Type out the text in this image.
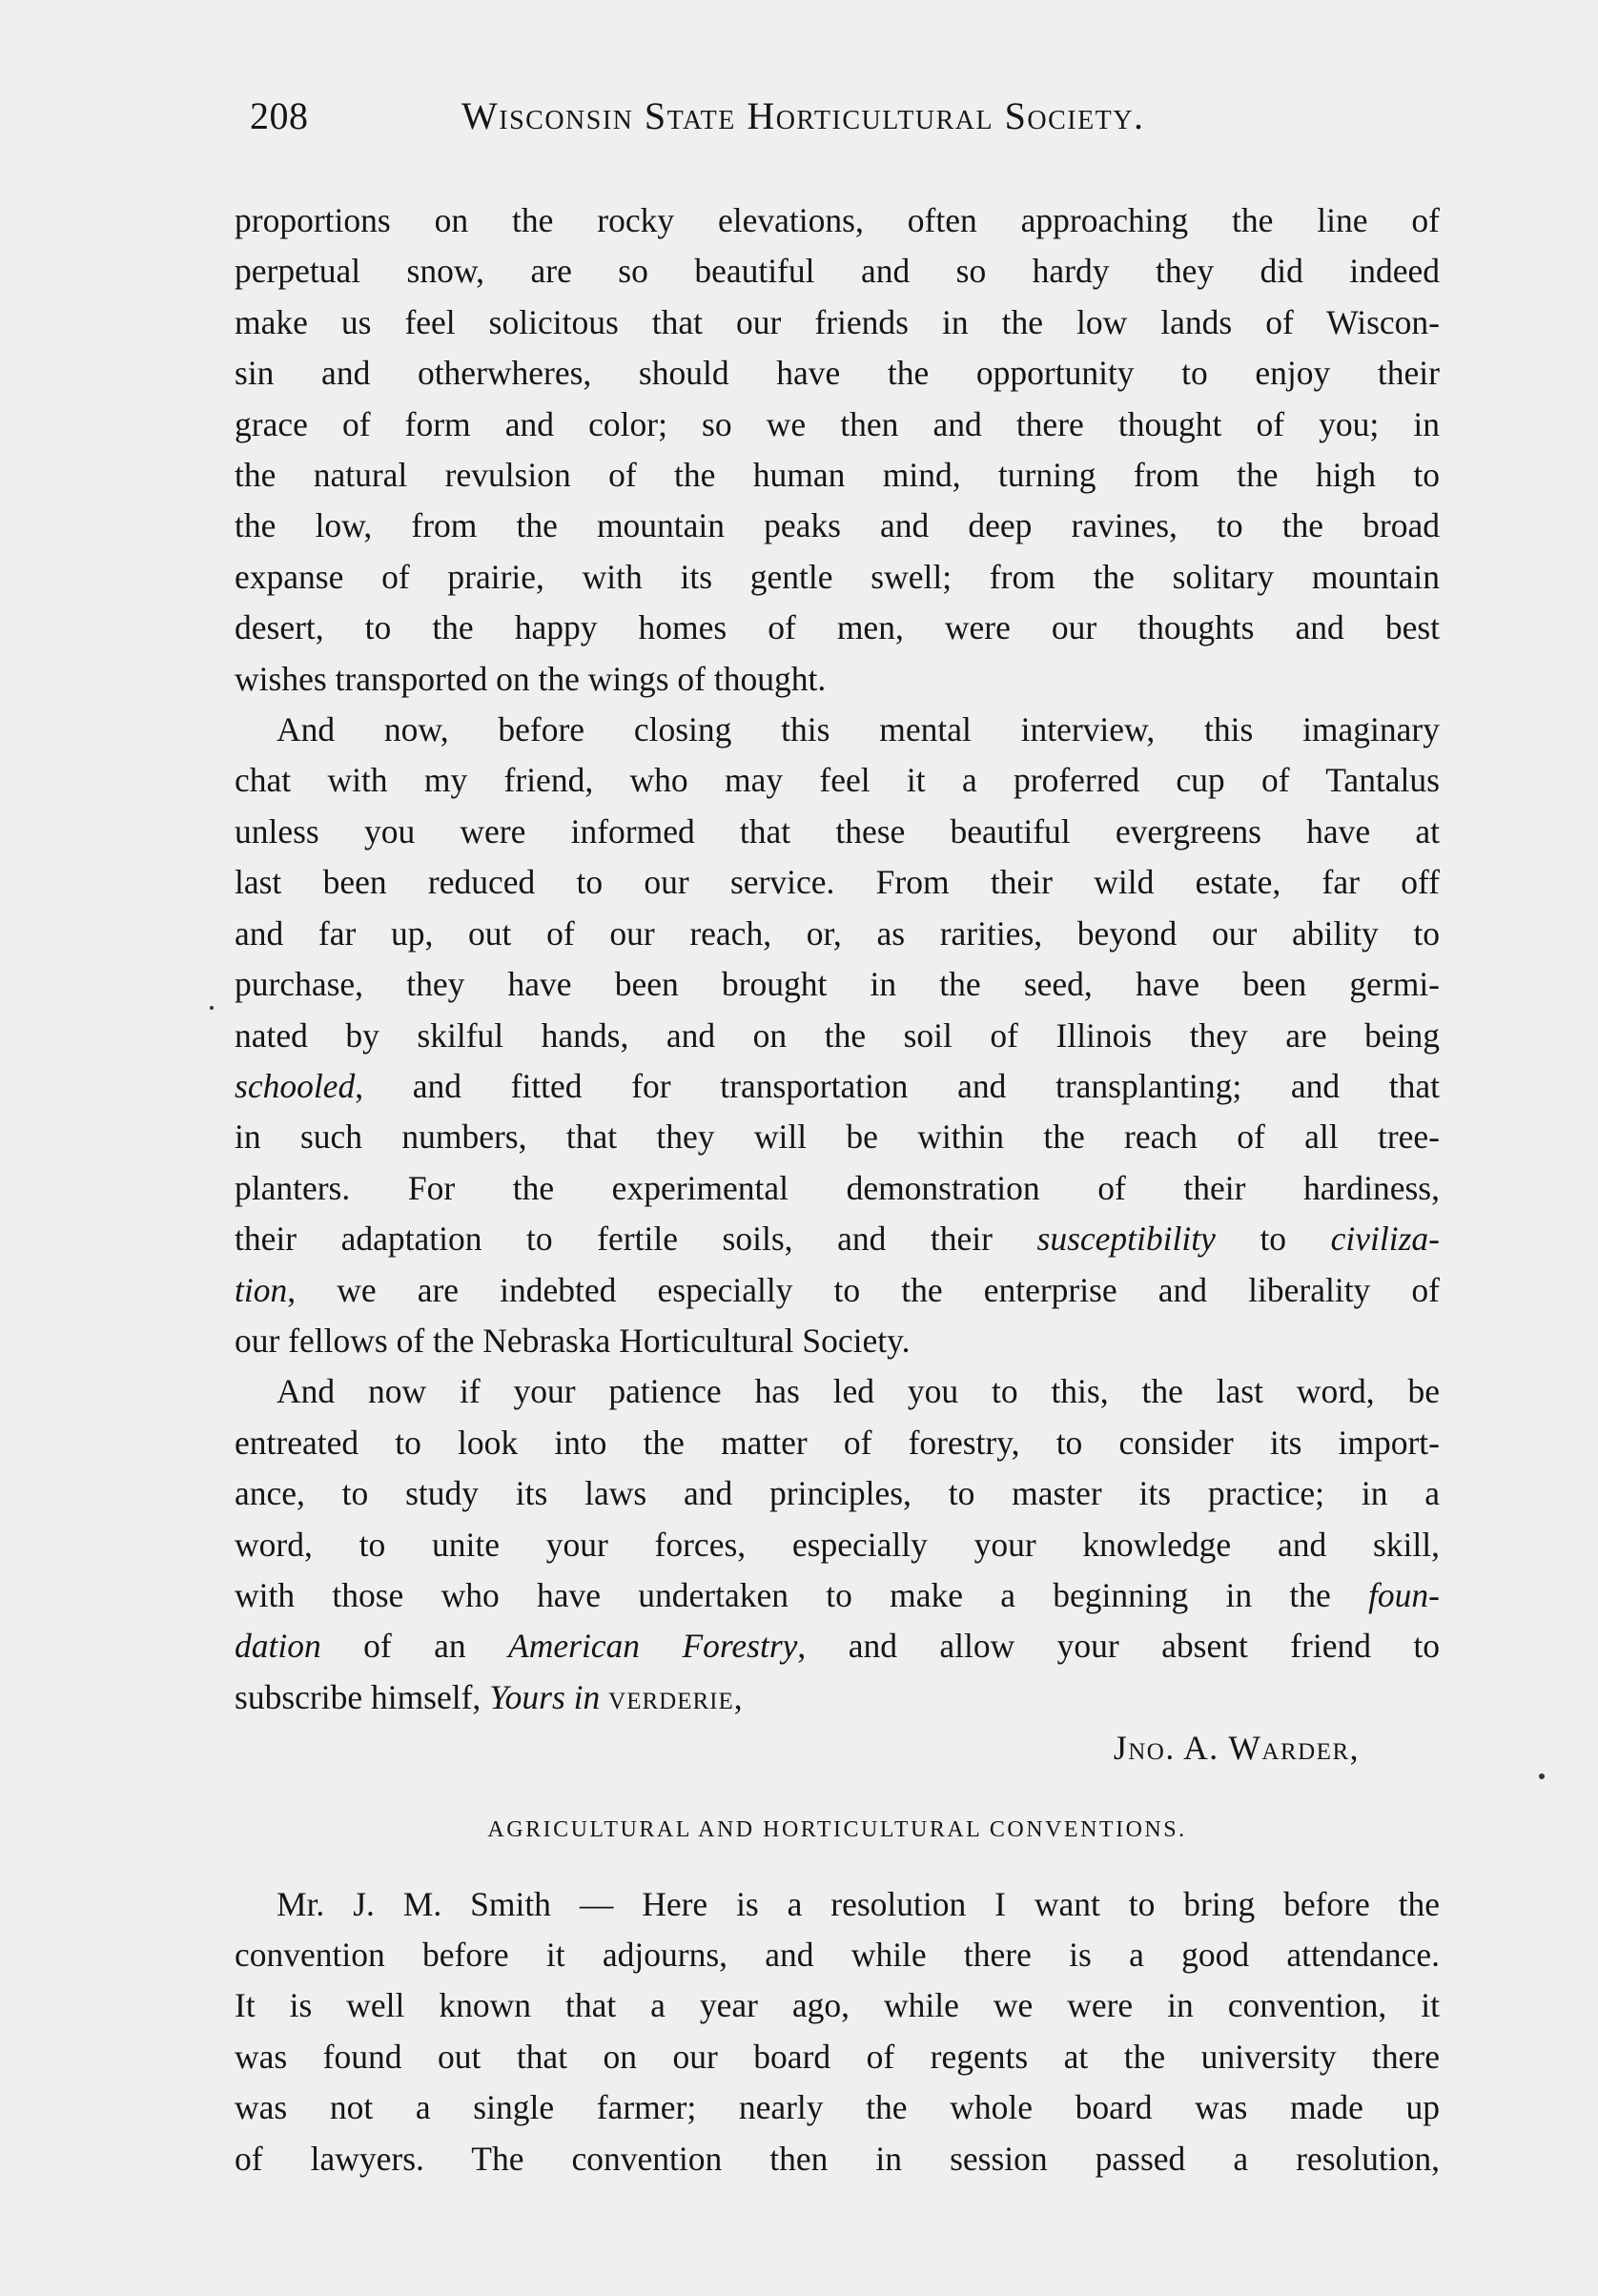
208	Wisconsin State Horticultural Society.

proportions on the rocky elevations, often approaching the line of
perpetual snow, are so beautiful and so hardy they did indeed
make us feel solicitous that our friends in the low lands of Wiscon-
sin and otherwheres, should have the opportunity to enjoy their
grace of form and color; so we then and there thought of you; in
the natural revulsion of the human mind, turning from the high to
the low, from the mountain peaks and deep ravines, to the broad
expanse of prairie, with its gentle swell; from the solitary mountain
desert, to the happy homes of men, were our thoughts and best
wishes transported on the wings of thought.

And now, before closing this mental interview, this imaginary
chat with my friend, who may feel it a proferred cup of Tantalus
unless you were informed that these beautiful evergreens have at
last been reduced to our service. From their wild estate, far off
and far up, out of our reach, or, as rarities, beyond our ability to
purchase, they have been brought in the seed, have been germi-
nated by skilful hands, and on the soil of Illinois they are being
schooled, and fitted for transportation and transplanting; and that
in such numbers, that they will be within the reach of all tree-
planters. For the experimental demonstration of their hardiness,
their adaptation to fertile soils, and their susceptibility to civiliza-
tion, we are indebted especially to the enterprise and liberality of
our fellows of the Nebraska Horticultural Society.

And now if your patience has led you to this, the last word, be
entreated to look into the matter of forestry, to consider its import-
ance, to study its laws and principles, to master its practice; in a
word, to unite your forces, especially your knowledge and skill,
with those who have undertaken to make a beginning in the foun-
dation of an American Forestry, and allow your absent friend to
subscribe himself, Yours in verderie,

Jno. A. Warder,
AGRICULTURAL AND HORTICULTURAL CONVENTIONS.

Mr. J. M. Smith — Here is a resolution I want to bring before the
convention before it adjourns, and while there is a good attendance.
It is well known that a year ago, while we were in convention, it
was found out that on our board of regents at the university there
was not a single farmer; nearly the whole board was made up
of lawyers. The convention then in session passed a resolution,
